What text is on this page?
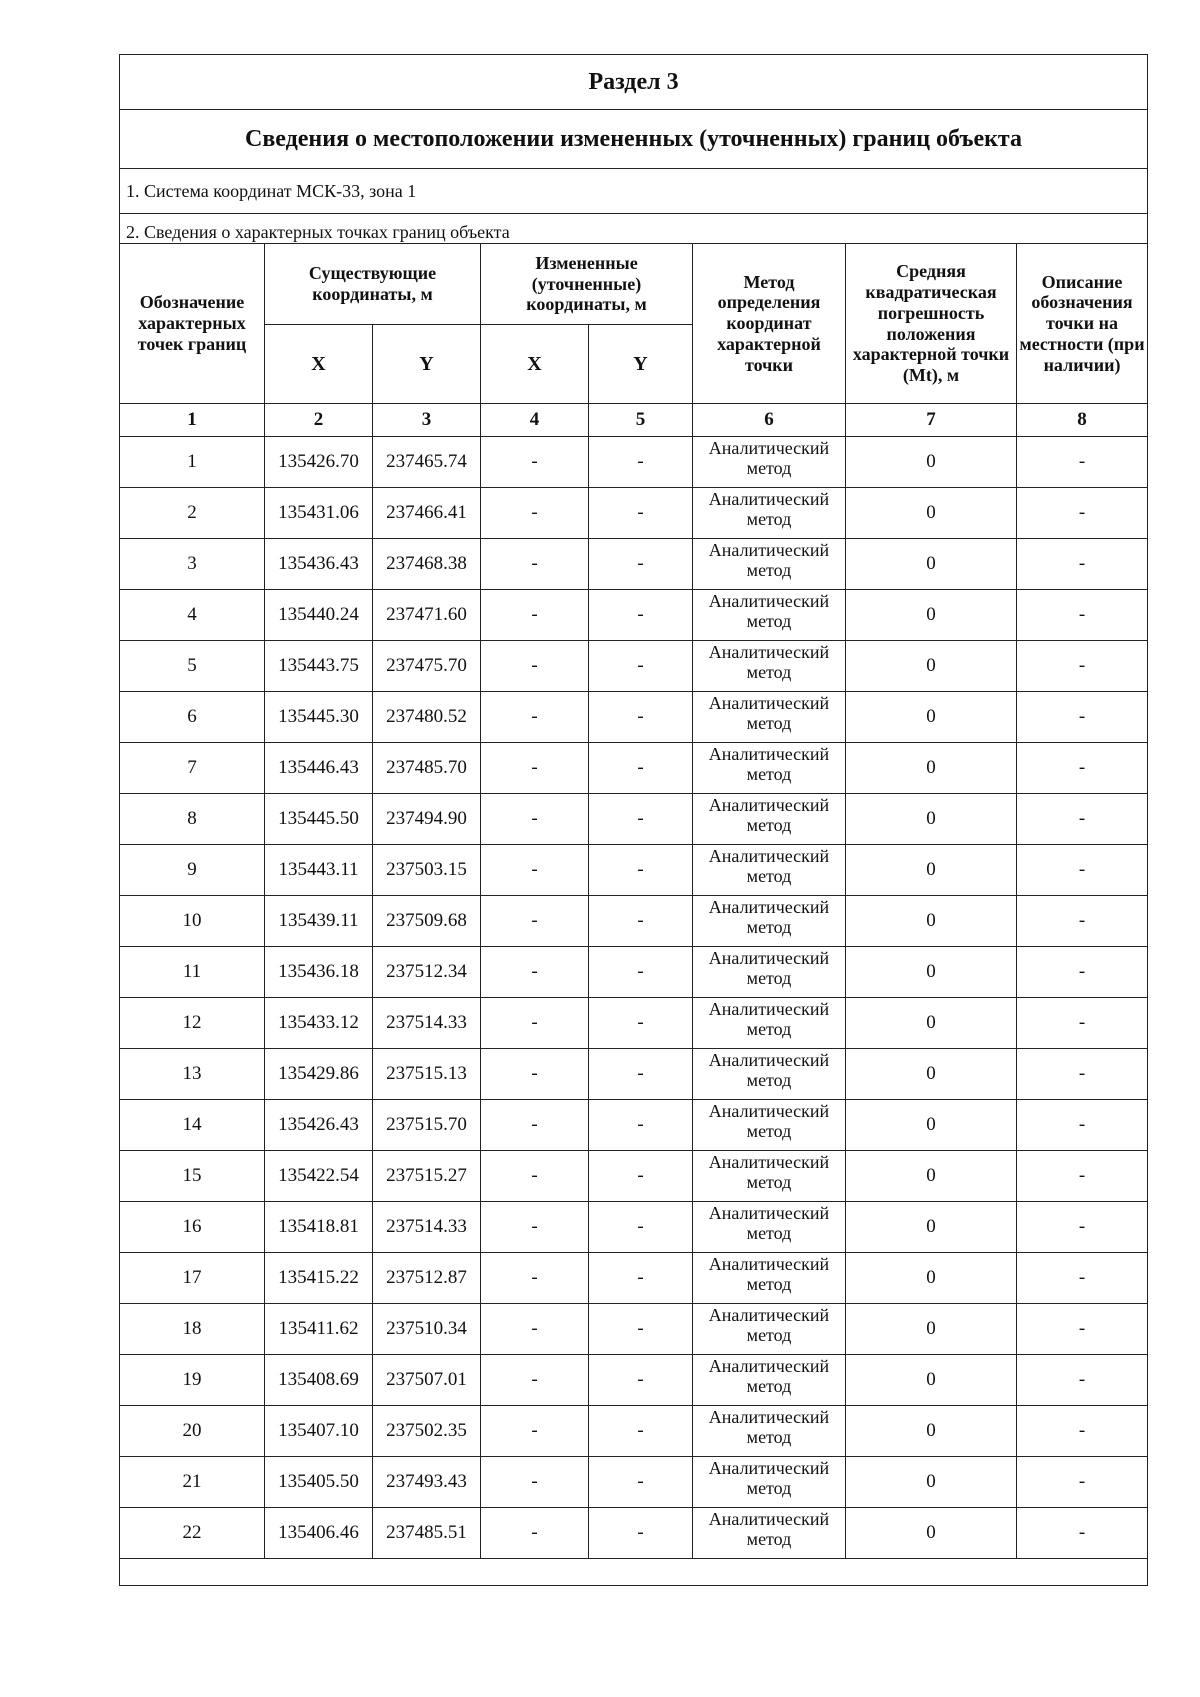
Раздел 3							
Сведения о местоположении измененных (уточненных) границ объекта							
1. Система координат МСК-33, зона 1							
2. Сведения о характерных точках границ объекта							
Обозначение характерных точек границ	Существующие координаты, м		Измененные (уточненные) координаты, м		Метод определения координат характерной точки	Средняя квадратическая погрешность положения характерной точки (Mt), м	Описание обозначения точки на местности (при наличии)
	X	Y	X	Y			
1	2	3	4	5	6	7	8
1	135426.70	237465.74	-	-	Аналитический метод	0	-
2	135431.06	237466.41	-	-	Аналитический метод	0	-
3	135436.43	237468.38	-	-	Аналитический метод	0	-
4	135440.24	237471.60	-	-	Аналитический метод	0	-
5	135443.75	237475.70	-	-	Аналитический метод	0	-
6	135445.30	237480.52	-	-	Аналитический метод	0	-
7	135446.43	237485.70	-	-	Аналитический метод	0	-
8	135445.50	237494.90	-	-	Аналитический метод	0	-
9	135443.11	237503.15	-	-	Аналитический метод	0	-
10	135439.11	237509.68	-	-	Аналитический метод	0	-
11	135436.18	237512.34	-	-	Аналитический метод	0	-
12	135433.12	237514.33	-	-	Аналитический метод	0	-
13	135429.86	237515.13	-	-	Аналитический метод	0	-
14	135426.43	237515.70	-	-	Аналитический метод	0	-
15	135422.54	237515.27	-	-	Аналитический метод	0	-
16	135418.81	237514.33	-	-	Аналитический метод	0	-
17	135415.22	237512.87	-	-	Аналитический метод	0	-
18	135411.62	237510.34	-	-	Аналитический метод	0	-
19	135408.69	237507.01	-	-	Аналитический метод	0	-
20	135407.10	237502.35	-	-	Аналитический метод	0	-
21	135405.50	237493.43	-	-	Аналитический метод	0	-
22	135406.46	237485.51	-	-	Аналитический метод	0	-
